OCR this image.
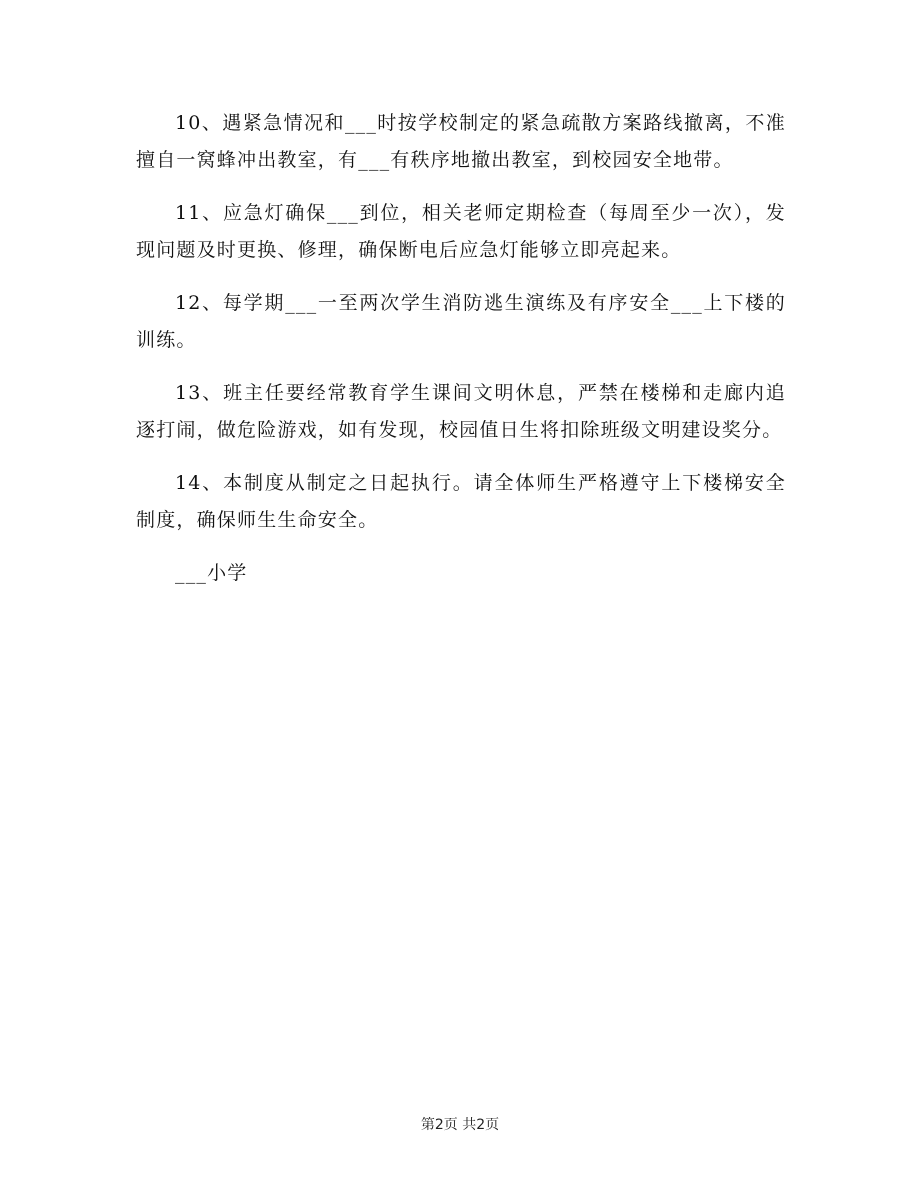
10、遇紧急情况和___时按学校制定的紧急疏散方案路线撤离，不准擅自一窝蜂冲出教室，有___有秩序地撤出教室，到校园安全地带。

11、应急灯确保___到位，相关老师定期检查（每周至少一次），发现问题及时更换、修理，确保断电后应急灯能够立即亮起来。

12、每学期___一至两次学生消防逃生演练及有序安全___上下楼的训练。

13、班主任要经常教育学生课间文明休息，严禁在楼梯和走廊内追逐打闹，做危险游戏，如有发现，校园值日生将扣除班级文明建设奖分。

14、本制度从制定之日起执行。请全体师生严格遵守上下楼梯安全制度，确保师生生命安全。

___小学

第2页 共2页
